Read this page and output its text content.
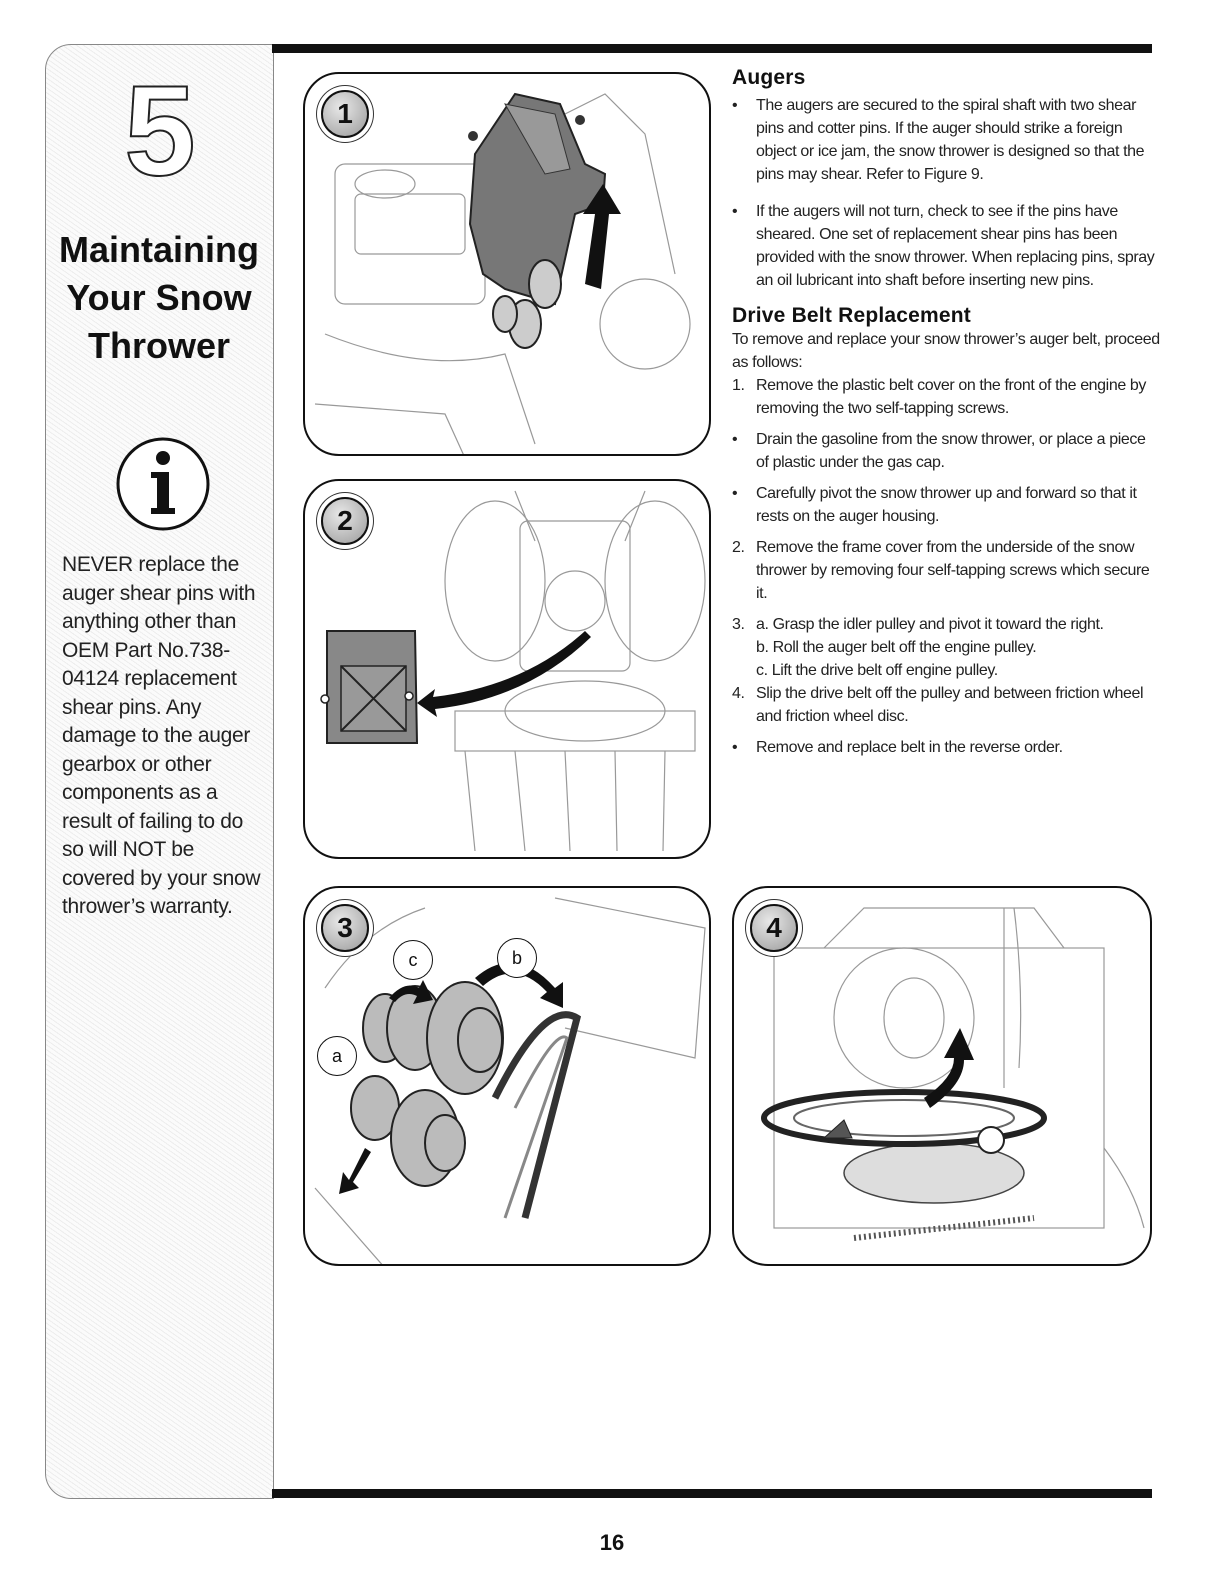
5
Maintaining
Your Snow
Thrower
NEVER replace the auger shear pins with anything other than OEM Part No.738-04124 replacement shear pins. Any damage to the auger gearbox or other components as a result of failing to do so will NOT be covered by your snow thrower’s warranty.
1
2
3
c	b
a
4
Augers
• The augers are secured to the spiral shaft with two shear pins and cotter pins. If the auger should strike a foreign object or ice jam, the snow thrower is designed so that the pins may shear. Refer to Figure 9.
• If the augers will not turn, check to see if the pins have sheared. One set of replacement shear pins has been provided with the snow thrower. When replacing pins, spray an oil lubricant into shaft before inserting new pins.
Drive Belt Replacement

To remove and replace your snow thrower’s auger belt, proceed as follows:

1. Remove the plastic belt cover on the front of the engine by removing the two self-tapping screws.
• Drain the gasoline from the snow thrower, or place a piece of plastic under the gas cap.
• Carefully pivot the snow thrower up and forward so that it rests on the auger housing.
2. Remove the frame cover from the underside of the snow thrower by removing four self-tapping screws which secure it.
3. a. Grasp the idler pulley and pivot it toward the right.
b. Roll the auger belt off the engine pulley.
c. Lift the drive belt off engine pulley.
4. Slip the drive belt off the pulley and between friction wheel and friction wheel disc.
• Remove and replace belt in the reverse order.
16
